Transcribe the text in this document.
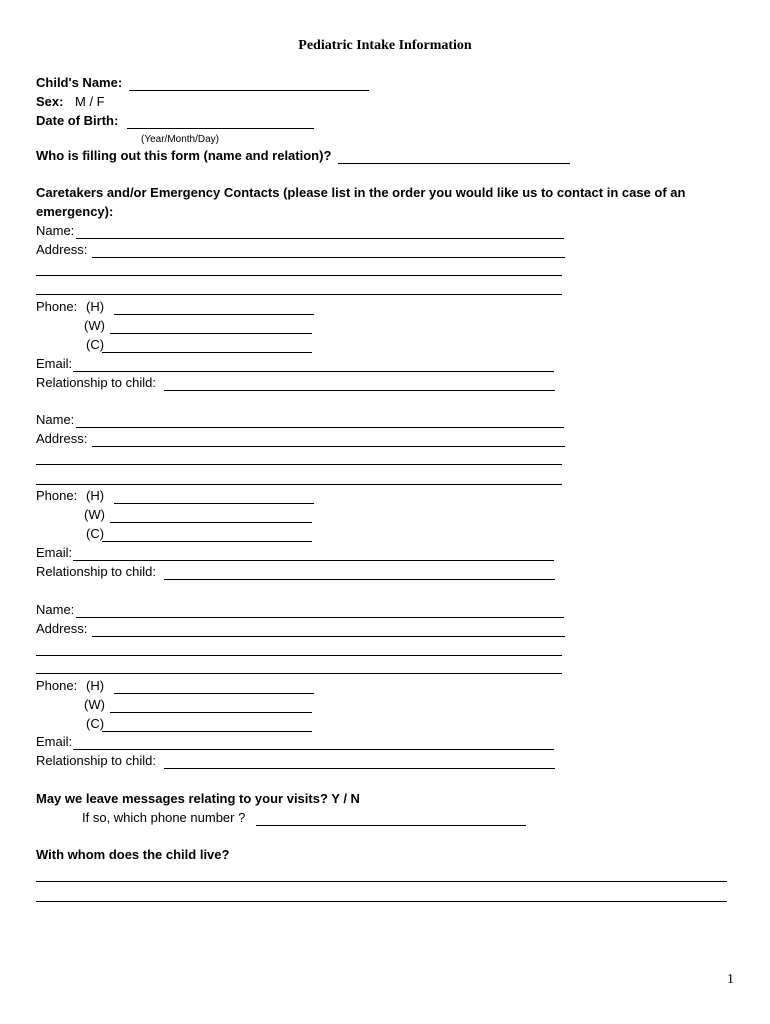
Pediatric Intake Information
Child's Name:
Sex: M / F
Date of Birth:
(Year/Month/Day)
Who is filling out this form (name and relation)?
Caretakers and/or Emergency Contacts (please list in the order you would like us to contact in case of an
emergency):
Name:
Address:
Phone: (H)
(W)
(C)
Email:
Relationship to child:
Name:
Address:
Phone: (H)
(W)
(C)
Email:
Relationship to child:
Name:
Address:
Phone: (H)
(W)
(C)
Email:
Relationship to child:
May we leave messages relating to your visits? Y / N
If so, which phone number ?
With whom does the child live?
1
